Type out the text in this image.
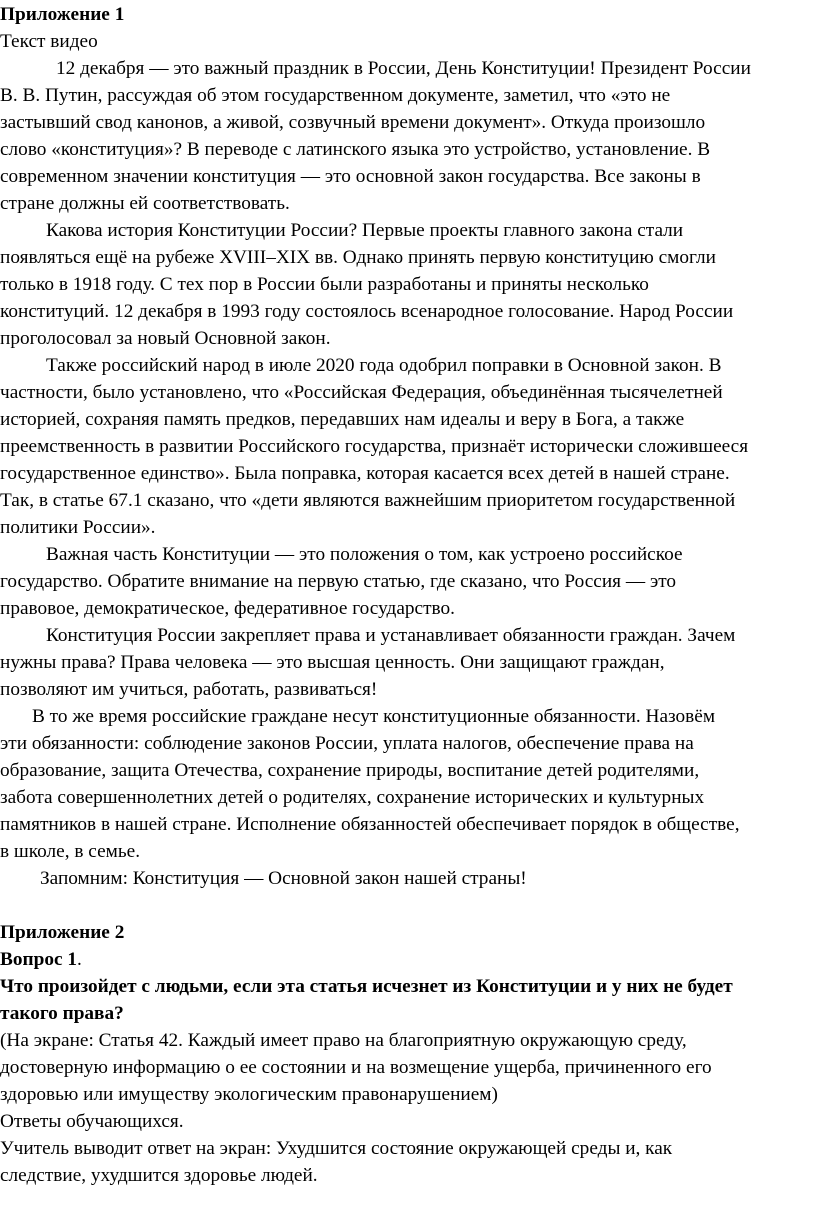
Приложение 1
Текст видео
12 декабря — это важный праздник в России, День Конституции! Президент России
В. В. Путин, рассуждая об этом государственном документе, заметил, что «это не
застывший свод канонов, а живой, созвучный времени документ». Откуда произошло
слово «конституция»? В переводе с латинского языка это устройство, установление. В
современном значении конституция — это основной закон государства. Все законы в
стране должны ей соответствовать.
Какова история Конституции России? Первые проекты главного закона стали
появляться ещё на рубеже XVIII–XIX вв. Однако принять первую конституцию смогли
только в 1918 году. С тех пор в России были разработаны и приняты несколько
конституций. 12 декабря в 1993 году состоялось всенародное голосование. Народ России
проголосовал за новый Основной закон.
Также российский народ в июле 2020 года одобрил поправки в Основной закон. В
частности, было установлено, что «Российская Федерация, объединённая тысячелетней
историей, сохраняя память предков, передавших нам идеалы и веру в Бога, а также
преемственность в развитии Российского государства, признаёт исторически сложившееся
государственное единство». Была поправка, которая касается всех детей в нашей стране.
Так, в статье 67.1 сказано, что «дети являются важнейшим приоритетом государственной
политики России».
Важная часть Конституции — это положения о том, как устроено российское
государство. Обратите внимание на первую статью, где сказано, что Россия — это
правовое, демократическое, федеративное государство.
Конституция России закрепляет права и устанавливает обязанности граждан. Зачем
нужны права? Права человека — это высшая ценность. Они защищают граждан,
позволяют им учиться, работать, развиваться!
В то же время российские граждане несут конституционные обязанности. Назовём
эти обязанности: соблюдение законов России, уплата налогов, обеспечение права на
образование, защита Отечества, сохранение природы, воспитание детей родителями,
забота совершеннолетних детей о родителях, сохранение исторических и культурных
памятников в нашей стране. Исполнение обязанностей обеспечивает порядок в обществе,
в школе, в семье.
Запомним: Конституция — Основной закон нашей страны!
Приложение 2
Вопрос 1.
Что произойдет с людьми, если эта статья исчезнет из Конституции и у них не будет
такого права?
(На экране: Статья 42. Каждый имеет право на благоприятную окружающую среду,
достоверную информацию о ее состоянии и на возмещение ущерба, причиненного его
здоровью или имуществу экологическим правонарушением)
Ответы обучающихся.
Учитель выводит ответ на экран: Ухудшится состояние окружающей среды и, как
следствие, ухудшится здоровье людей.
